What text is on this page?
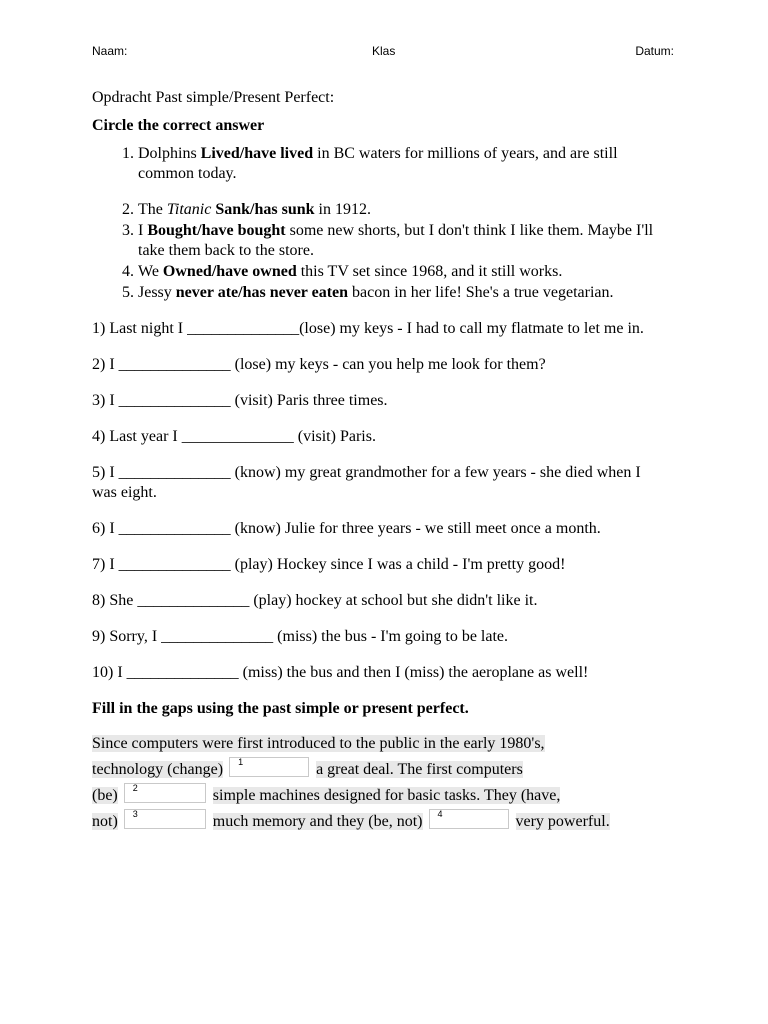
Naam:	Klas	Datum:
Opdracht Past simple/Present Perfect:
Circle the correct answer
1. Dolphins Lived/have lived in BC waters for millions of years, and are still common today.
2. The Titanic Sank/has sunk in 1912.
3. I Bought/have bought some new shorts, but I don't think I like them. Maybe I'll take them back to the store.
4. We Owned/have owned this TV set since 1968, and it still works.
5. Jessy never ate/has never eaten bacon in her life! She's a true vegetarian.
1) Last night I ______________(lose) my keys - I had to call my flatmate to let me in.
2) I ______________ (lose) my keys - can you help me look for them?
3) I ______________ (visit) Paris three times.
4) Last year I ______________ (visit) Paris.
5) I ______________ (know) my great grandmother for a few years - she died when I was eight.
6) I ______________ (know) Julie for three years - we still meet once a month.
7) I ______________ (play) Hockey since I was a child - I'm pretty good!
8) She ______________ (play) hockey at school but she didn't like it.
9) Sorry, I ______________ (miss) the bus - I'm going to be late.
10) I ______________ (miss) the bus and then I (miss) the aeroplane as well!
Fill in the gaps using the past simple or present perfect.
Since computers were first introduced to the public in the early 1980's,
technology (change) 1	a great deal. The first computers
(be) 2	simple machines designed for basic tasks. They (have,
not) 3	much memory and they (be, not) 4	very powerful.
